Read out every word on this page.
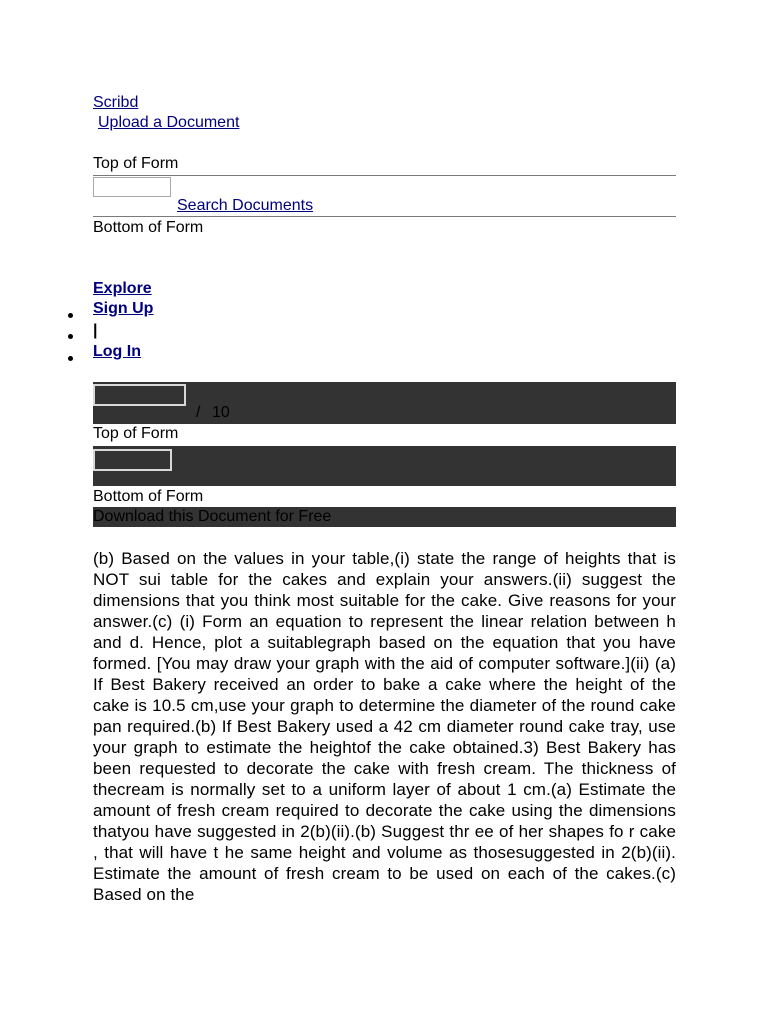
Scribd
Upload a Document
Top of Form
Search Documents
Bottom of Form
Explore
Sign Up
|
Log In
/ 10
Top of Form
Bottom of Form
Download this Document for Free
(b) Based on the values in your table,(i) state the range of heights that is NOT sui table for the cakes and explain your answers.(ii) suggest the dimensions that you think most suitable for the cake. Give reasons for your answer.(c) (i) Form an equation to represent the linear relation between h and d. Hence, plot a suitablegraph based on the equation that you have formed. [You may draw your graph with the aid of computer software.](ii) (a) If Best Bakery received an order to bake a cake where the height of the cake is 10.5 cm,use your graph to determine the diameter of the round cake pan required.(b) If Best Bakery used a 42 cm diameter round cake tray, use your graph to estimate the heightof the cake obtained.3) Best Bakery has been requested to decorate the cake with fresh cream. The thickness of thecream is normally set to a uniform layer of about 1 cm.(a) Estimate the amount of fresh cream required to decorate the cake using the dimensions thatyou have suggested in 2(b)(ii).(b) Suggest thr ee of her shapes fo r cake , that will have t he same height and volume as thosesuggested in 2(b)(ii). Estimate the amount of fresh cream to be used on each of the cakes.(c) Based on the
